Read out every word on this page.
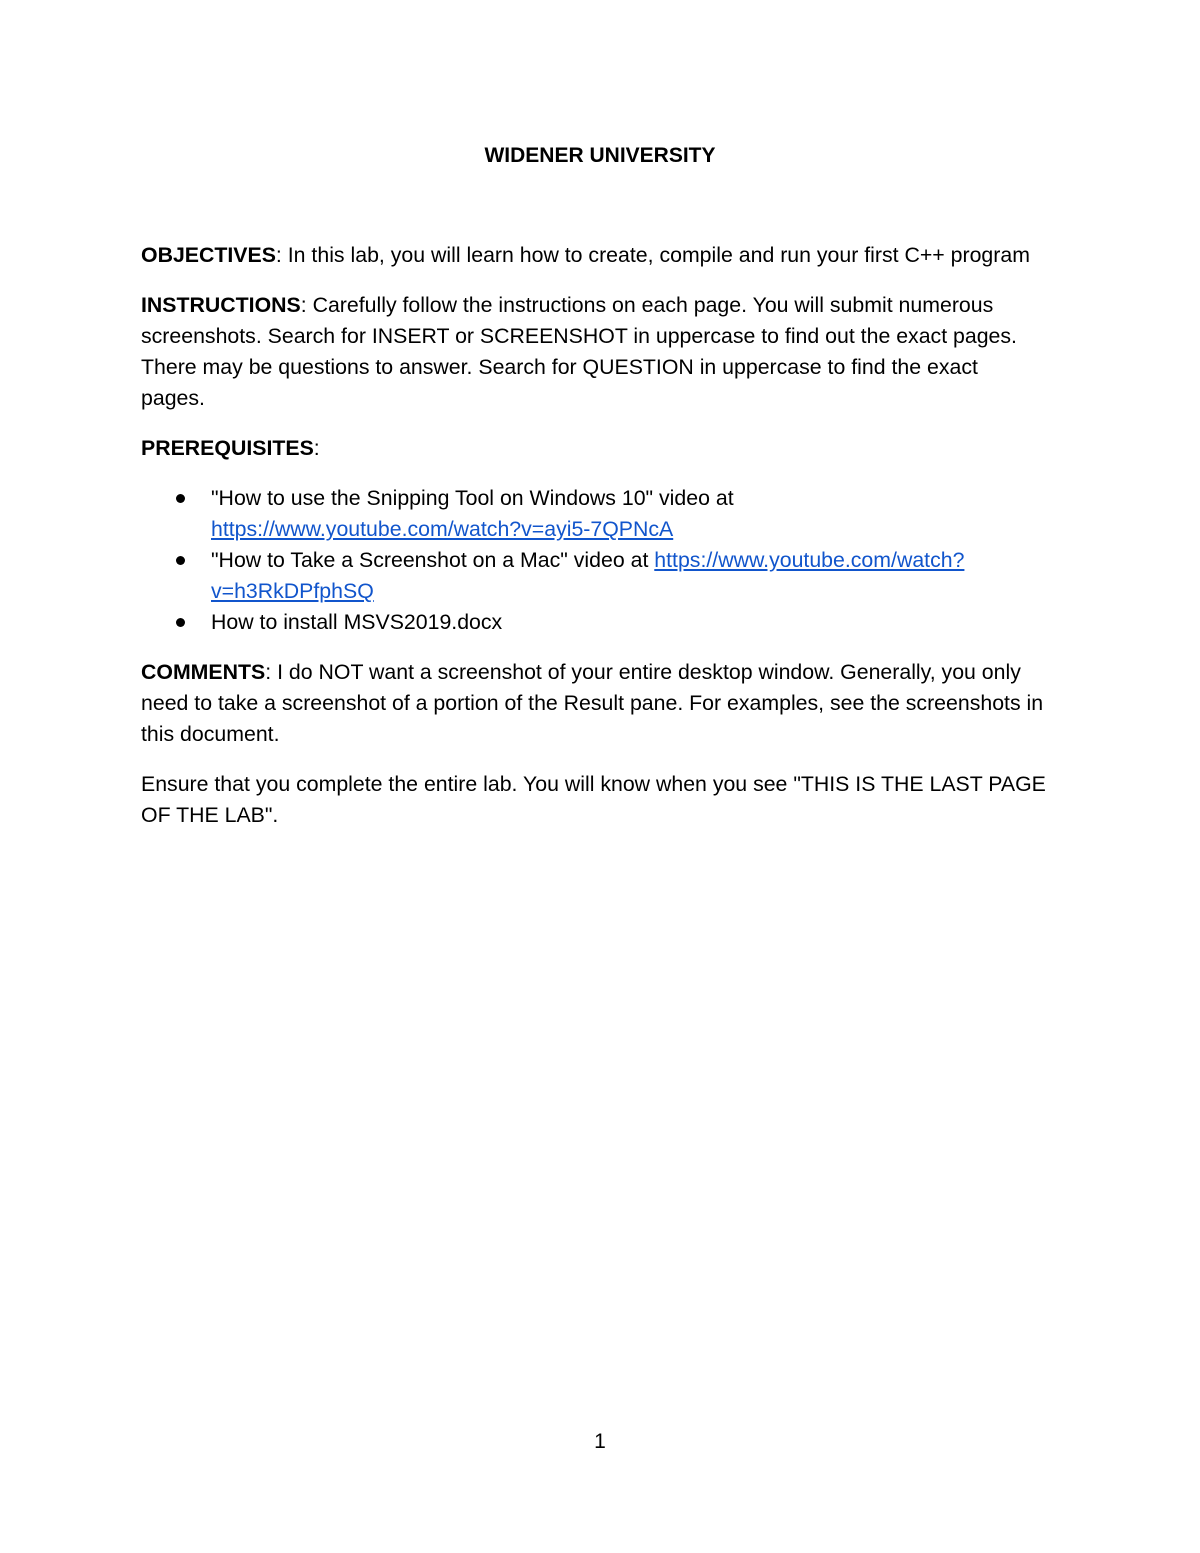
WIDENER UNIVERSITY

OBJECTIVES: In this lab, you will learn how to create, compile and run your first C++ program

INSTRUCTIONS: Carefully follow the instructions on each page. You will submit numerous screenshots. Search for INSERT or SCREENSHOT in uppercase to find out the exact pages. There may be questions to answer. Search for QUESTION in uppercase to find the exact pages.

PREREQUISITES:

"How to use the Snipping Tool on Windows 10" video at https://www.youtube.com/watch?v=ayi5-7QPNcA
"How to Take a Screenshot on a Mac" video at https://www.youtube.com/watch?v=h3RkDPfphSQ
How to install MSVS2019.docx

COMMENTS: I do NOT want a screenshot of your entire desktop window. Generally, you only need to take a screenshot of a portion of the Result pane. For examples, see the screenshots in this document.

Ensure that you complete the entire lab. You will know when you see "THIS IS THE LAST PAGE OF THE LAB".

1
